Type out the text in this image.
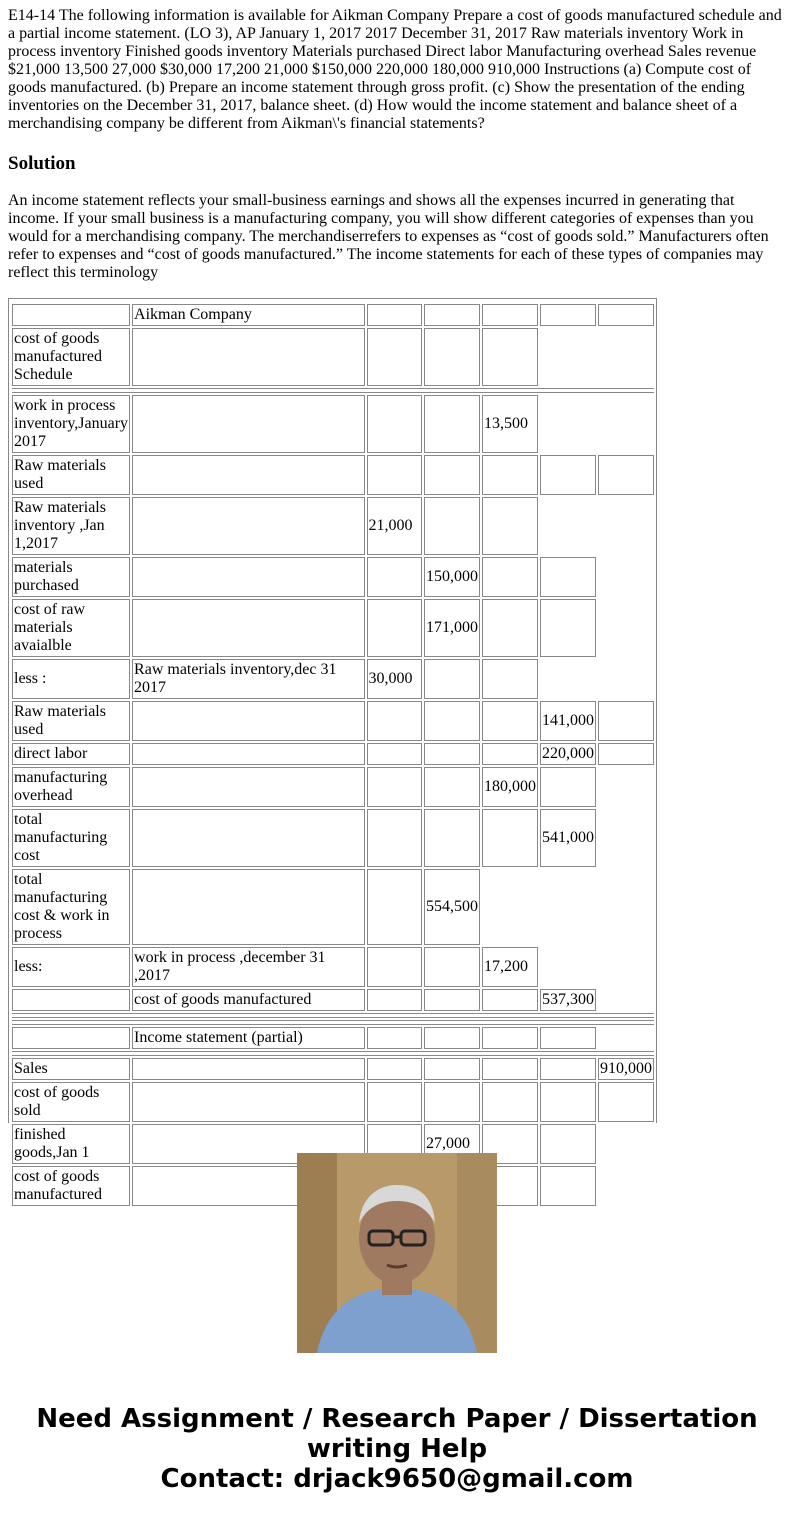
E14-14 The following information is available for Aikman Company Prepare a cost of goods manufactured schedule and a partial income statement. (LO 3), AP January 1, 2017 2017 December 31, 2017 Raw materials inventory Work in process inventory Finished goods inventory Materials purchased Direct labor Manufacturing overhead Sales revenue $21,000 13,500 27,000 $30,000 17,200 21,000 $150,000 220,000 180,000 910,000 Instructions (a) Compute cost of goods manufactured. (b) Prepare an income statement through gross profit. (c) Show the presentation of the ending inventories on the December 31, 2017, balance sheet. (d) How would the income statement and balance sheet of a merchandising company be different from Aikman\'s financial statements?

Solution

An income statement reflects your small-business earnings and shows all the expenses incurred in generating that income. If your small business is a manufacturing company, you will show different categories of expenses than you would for a merchandising company. The merchandiserrefers to expenses as “cost of goods sold.” Manufacturers often refer to expenses and “cost of goods manufactured.” The income statements for each of these types of companies may reflect this terminology

	Aikman Company					
cost of goods manufactured Schedule						

work in process inventory,January 2017				13,500		
Raw materials used						
Raw materials inventory ,Jan 1,2017		21,000				
materials purchased			150,000			
cost of raw materials avaialble			171,000			
less :	Raw materials inventory,dec 31 2017	30,000				
Raw materials used					141,000	
direct labor					220,000	
manufacturing overhead				180,000		
total manufacturing cost					541,000	
total manufacturing cost & work in process			554,500			
less:	work in process ,december 31 ,2017			17,200		
	cost of goods manufactured				537,300	

	Income statement (partial)					

Sales						910,000
cost of goods sold						
finished goods,Jan 1			27,000			
cost of goods manufactured						
Need Assignment / Research Paper / Dissertation
writing Help
Contact: drjack9650@gmail.com
